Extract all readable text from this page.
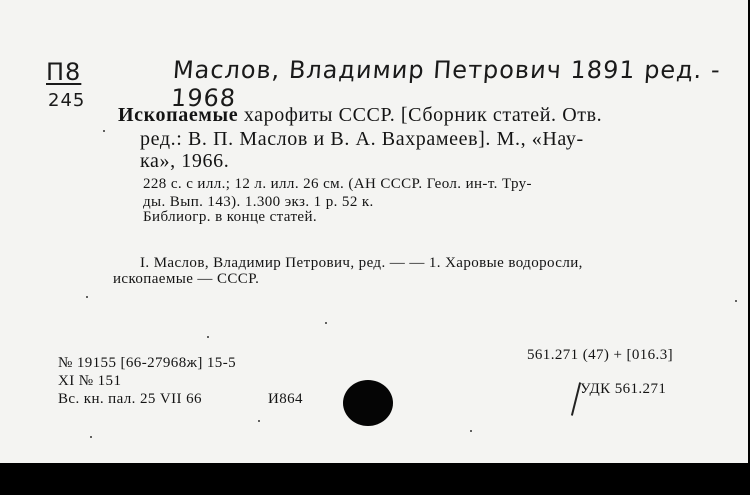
П8
245
Маслов, Владимир Петрович 1891 ред. - 1968
Ископаемые харофиты СССР. [Сборник статей. Отв.
ред.: В. П. Маслов и В. А. Вахрамеев]. М., «Нау-
ка», 1966.
228 с. с илл.; 12 л. илл. 26 см. (АН СССР. Геол. ин-т. Тру-
ды. Вып. 143). 1.300 экз. 1 р. 52 к.
Библиогр. в конце статей.
I. Маслов, Владимир Петрович, ред. — — 1. Харовые водоросли,
ископаемые — СССР.
№ 19155 [66-27968ж] 15-5
XI № 151
Вс. кн. пал. 25 VII 66	И864
561.271 (47) + [016.3]
УДК 561.271
